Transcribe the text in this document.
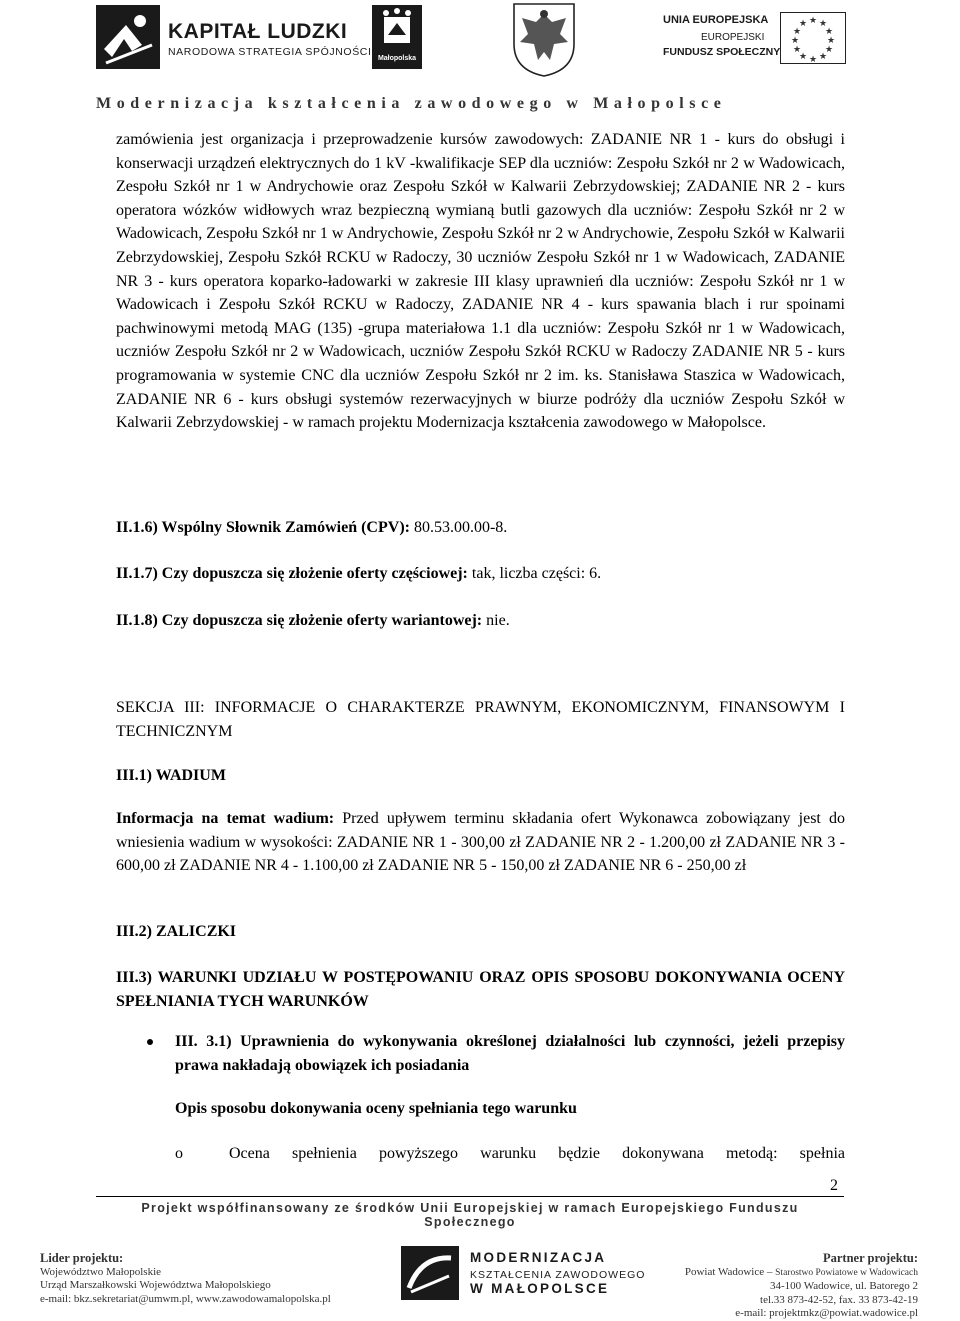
KAPITAŁ LUDZKI
NARODOWA STRATEGIA SPÓJNOŚCI
Małopolska
UNIA EUROPEJSKA
EUROPEJSKI
FUNDUSZ SPOŁECZNY
★ ★
★
★
★
★
★
★
★
★
★
★
Modernizacja kształcenia zawodowego w Małopolsce
zamówienia jest organizacja i przeprowadzenie kursów zawodowych: ZADANIE NR 1 - kurs do obsługi i konserwacji urządzeń elektrycznych do 1 kV -kwalifikacje SEP dla uczniów: Zespołu Szkół nr 2 w Wadowicach, Zespołu Szkół nr 1 w Andrychowie oraz Zespołu Szkół w Kalwarii Zebrzydowskiej; ZADANIE NR 2 - kurs operatora wózków widłowych wraz bezpieczną wymianą butli gazowych dla uczniów: Zespołu Szkół nr 2 w Wadowicach, Zespołu Szkół nr 1 w Andrychowie, Zespołu Szkół nr 2 w Andrychowie, Zespołu Szkół w Kalwarii Zebrzydowskiej, Zespołu Szkół RCKU w Radoczy, 30 uczniów Zespołu Szkół nr 1 w Wadowicach, ZADANIE NR 3 - kurs operatora koparko-ładowarki w zakresie III klasy uprawnień dla uczniów: Zespołu Szkół nr 1 w Wadowicach i Zespołu Szkół RCKU w Radoczy, ZADANIE NR 4 - kurs spawania blach i rur spoinami pachwinowymi metodą MAG (135) -grupa materiałowa 1.1 dla uczniów: Zespołu Szkół nr 1 w Wadowicach, uczniów Zespołu Szkół nr 2 w Wadowicach, uczniów Zespołu Szkół RCKU w Radoczy ZADANIE NR 5 - kurs programowania w systemie CNC dla uczniów Zespołu Szkół nr 2 im. ks. Stanisława Staszica w Wadowicach, ZADANIE NR 6 - kurs obsługi systemów rezerwacyjnych w biurze podróży dla uczniów Zespołu Szkół w Kalwarii Zebrzydowskiej - w ramach projektu Modernizacja kształcenia zawodowego w Małopolsce.
II.1.6) Wspólny Słownik Zamówień (CPV): 80.53.00.00-8.
II.1.7) Czy dopuszcza się złożenie oferty częściowej: tak, liczba części: 6.
II.1.8) Czy dopuszcza się złożenie oferty wariantowej: nie.
SEKCJA III: INFORMACJE O CHARAKTERZE PRAWNYM, EKONOMICZNYM, FINANSOWYM I TECHNICZNYM
III.1) WADIUM
Informacja na temat wadium: Przed upływem terminu składania ofert Wykonawca zobowiązany jest do wniesienia wadium w wysokości: ZADANIE NR 1 - 300,00 zł ZADANIE NR 2 - 1.200,00 zł ZADANIE NR 3 - 600,00 zł ZADANIE NR 4 - 1.100,00 zł ZADANIE NR 5 - 150,00 zł ZADANIE NR 6 - 250,00 zł
III.2) ZALICZKI
III.3) WARUNKI UDZIAŁU W POSTĘPOWANIU ORAZ OPIS SPOSOBU DOKONYWANIA OCENY SPEŁNIANIA TYCH WARUNKÓW
III. 3.1) Uprawnienia do wykonywania określonej działalności lub czynności, jeżeli przepisy prawa nakładają obowiązek ich posiadania
Opis sposobu dokonywania oceny spełniania tego warunku
o	Ocena spełnienia powyższego warunku będzie dokonywana metodą: spełnia
2
Projekt współfinansowany ze środków Unii Europejskiej w ramach Europejskiego Funduszu Społecznego
Lider projektu:
Województwo Małopolskie
Urząd Marszałkowski Województwa Małopolskiego
e-mail: bkz.sekretariat@umwm.pl, www.zawodowamalopolska.pl
MODERNIZACJA
KSZTAŁCENIA ZAWODOWEGO
W MAŁOPOLSCE
Partner projektu:
Powiat Wadowice – Starostwo Powiatowe w Wadowicach
34-100 Wadowice, ul. Batorego 2
tel.33 873-42-52, fax. 33 873-42-19
e-mail: projektmkz@powiat.wadowice.pl
